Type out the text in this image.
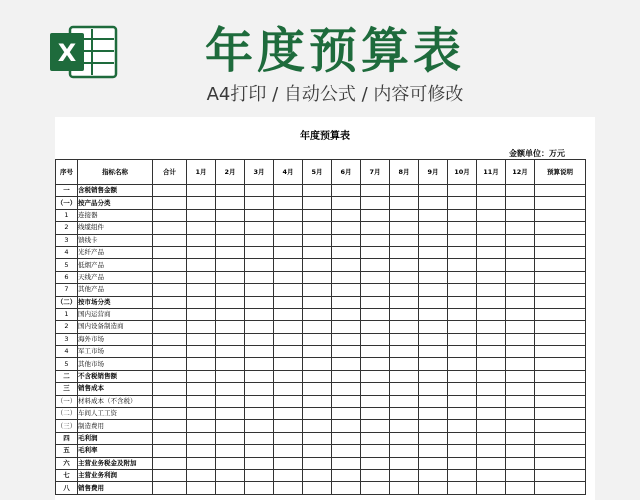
X	年度预算表
A4打印 / 自动公式 / 内容可修改
年度预算表
金额单位：万元
序号	指标名称	合计	1月	2月	3月	4月	5月	6月	7月	8月	9月	10月	11月	12月	预算说明
一	含税销售金额														
（一）	按产品分类														
1	连接器														
2	线缆组件														
3	馈线卡														
4	光纤产品														
5	低烟产品														
6	天线产品														
7	其他产品														
（二）	按市场分类														
1	国内运营商														
2	国内设备制造商														
3	海外市场														
4	军工市场														
5	其他市场														
二	不含税销售额														
三	销售成本														
（一）	材料成本（不含税）														
（二）	车间人工工资														
（三）	制造费用														
四	毛利润														
五	毛利率														
六	主营业务税金及附加														
七	主营业务利润														
八	销售费用														
